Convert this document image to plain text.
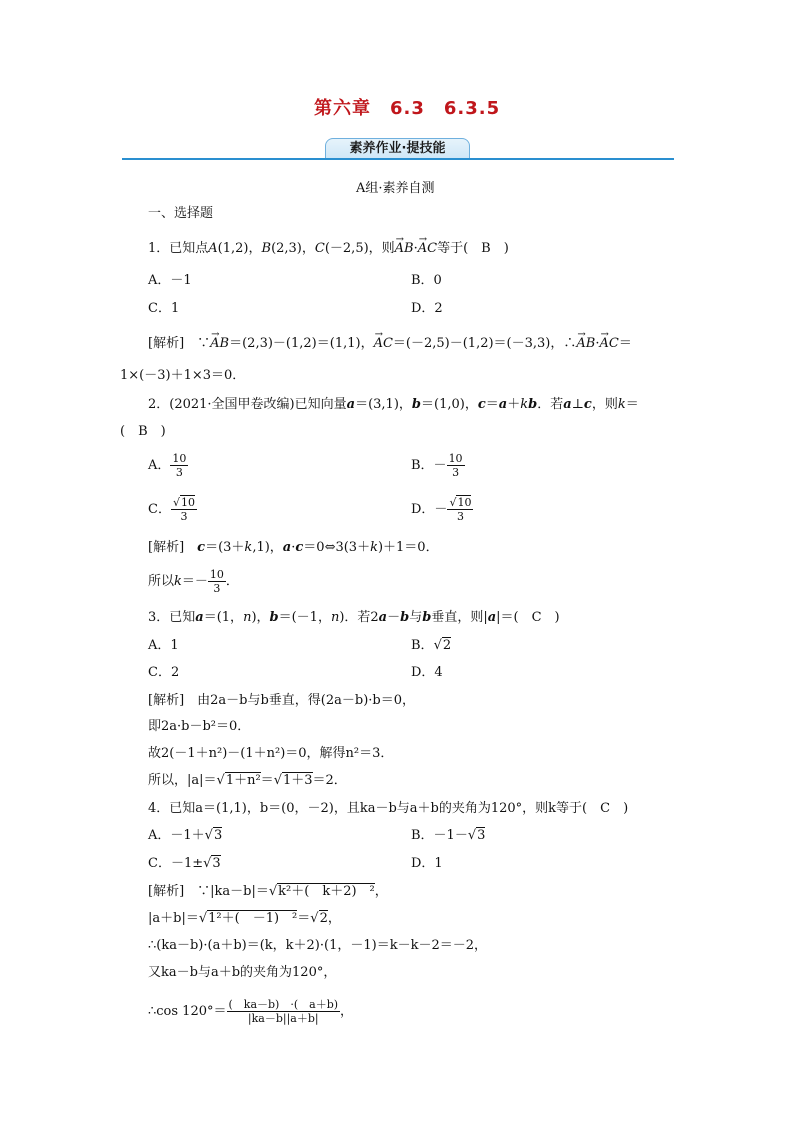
第六章　6.3　6.3.5
素养作业·提技能
A组·素养自测
一、选择题
1．已知点A(1,2)，B(2,3)，C(－2,5)，则→ AB·→ AC等于(　B　)
A．－1	B．0
C．1	D．2
[解析]　∵→ AB＝(2,3)－(1,2)＝(1,1)，→ AC＝(－2,5)－(1,2)＝(－3,3)，∴→ AB·→ AC＝
1×(－3)＋1×3＝0．
2．(2021·全国甲卷改编)已知向量a＝(3,1)，b＝(1,0)，c＝a＋kb．若a⊥c，则k＝
(　B　)
A． $\frac{10}{3}$	B．－ $\frac{10}{3}$
C． $\frac{√10}{3}$	D．－ $\frac{√10}{3}$
[解析]　c＝(3＋k,1)，a·c＝0⇔3(3＋k)＋1＝0．
所以$k=- \frac{10}{3}$ ．
3．已知a＝(1，n)，b＝(－1，n)．若2a－b与b垂直，则|a|＝(　C　)
A．1	B．√2
C．2	D．4
[解析]　由2a－b与b垂直，得(2a－b)·b＝0，
即2a·b－b²＝0．
故2(－1＋n²)－(1＋n²)＝0，解得n²＝3．
所以，|a|＝√1＋n²＝√1＋3＝2．
4．已知a＝(1,1)，b＝(0，－2)，且ka－b与a＋b的夹角为120°，则k等于(　C　)
A．－1＋√3	B．－1－√3
C．－1±√3	D．1
[解析]　∵|ka－b|＝√k²＋(　k＋2)　²，
|a＋b|＝√1²＋(　－1)　²＝√2，
∴(ka－b)·(a＋b)＝(k，k＋2)·(1，－1)＝k－k－2＝－2，
又ka－b与a＋b的夹角为120°，
∴cos $120^\circ= \frac{( ka-b) \cdot( a+b)}{|ka-b||a+b|}$ ，
